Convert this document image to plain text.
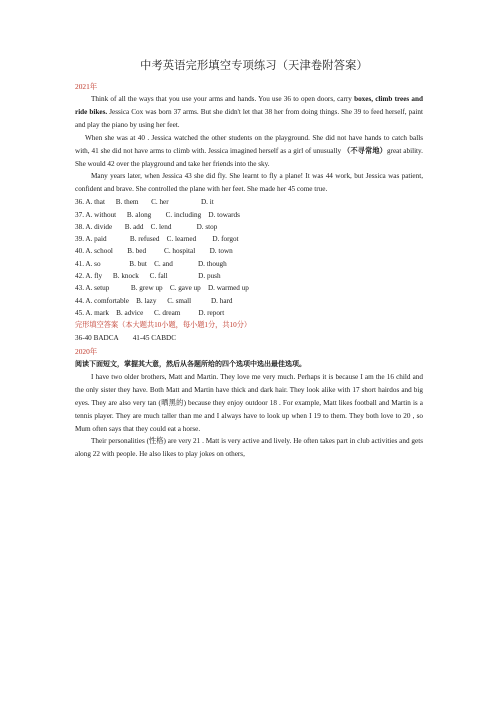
中考英语完形填空专项练习（天津卷附答案）
2021年
Think of all the ways that you use your arms and hands. You use 36 to open doors, carry boxes, climb trees and ride bikes. Jessica Cox was born 37 arms. But she didn't let that 38 her from doing things. She 39 to feed herself, paint and play the piano by using her feet.
When she was at 40 . Jessica watched the other students on the playground. She did not have hands to catch balls with, 41 she did not have arms to climb with. Jessica imagined herself as a girl of unusually （不寻常地）great ability. She would 42 over the playground and take her friends into the sky.
Many years later, when Jessica 43 she did fly. She learnt to fly a plane! It was 44 work, but Jessica was patient, confident and brave. She controlled the plane with her feet. She made her 45 come true.
36. A. that      B. them       C. her                  D. it
37. A. without      B. along        C. including    D. towards
38. A. divide       B. add    C. lend              D. stop
39. A. paid             B. refused    C. learned         D. forgot
40. A. school        B. bed          C. hospital        D. town
41. A. so                B. but    C. and              D. though
42. A. fly      B. knock      C. fall                 D. push
43. A. setup            B. grew up    C. gave up    D. warmed up
44. A. comfortable    B. lazy      C. small           D. hard
45. A. mark    B. advice      C. dream          D. report
完形填空答案（本大题共10小题，每小题1分，共10分）
36-40 BADCA        41-45 CABDC
2020年
阅读下面短文，掌握其大意，然后从各题所给的四个选项中选出最佳选项。
I have two older brothers, Matt and Martin. They love me very much. Perhaps it is because I am the 16 child and the only sister they have. Both Matt and Martin have thick and dark hair. They look alike with 17 short hairdos and big eyes. They are also very tan (晒黑的) because they enjoy outdoor 18 . For example, Matt likes football and Martin is a tennis player. They are much taller than me and I always have to look up when I 19 to them. They both love to 20 , so Mum often says that they could eat a horse.
Their personalities (性格) are very 21 . Matt is very active and lively. He often takes part in club activities and gets along 22 with people. He also likes to play jokes on others,
